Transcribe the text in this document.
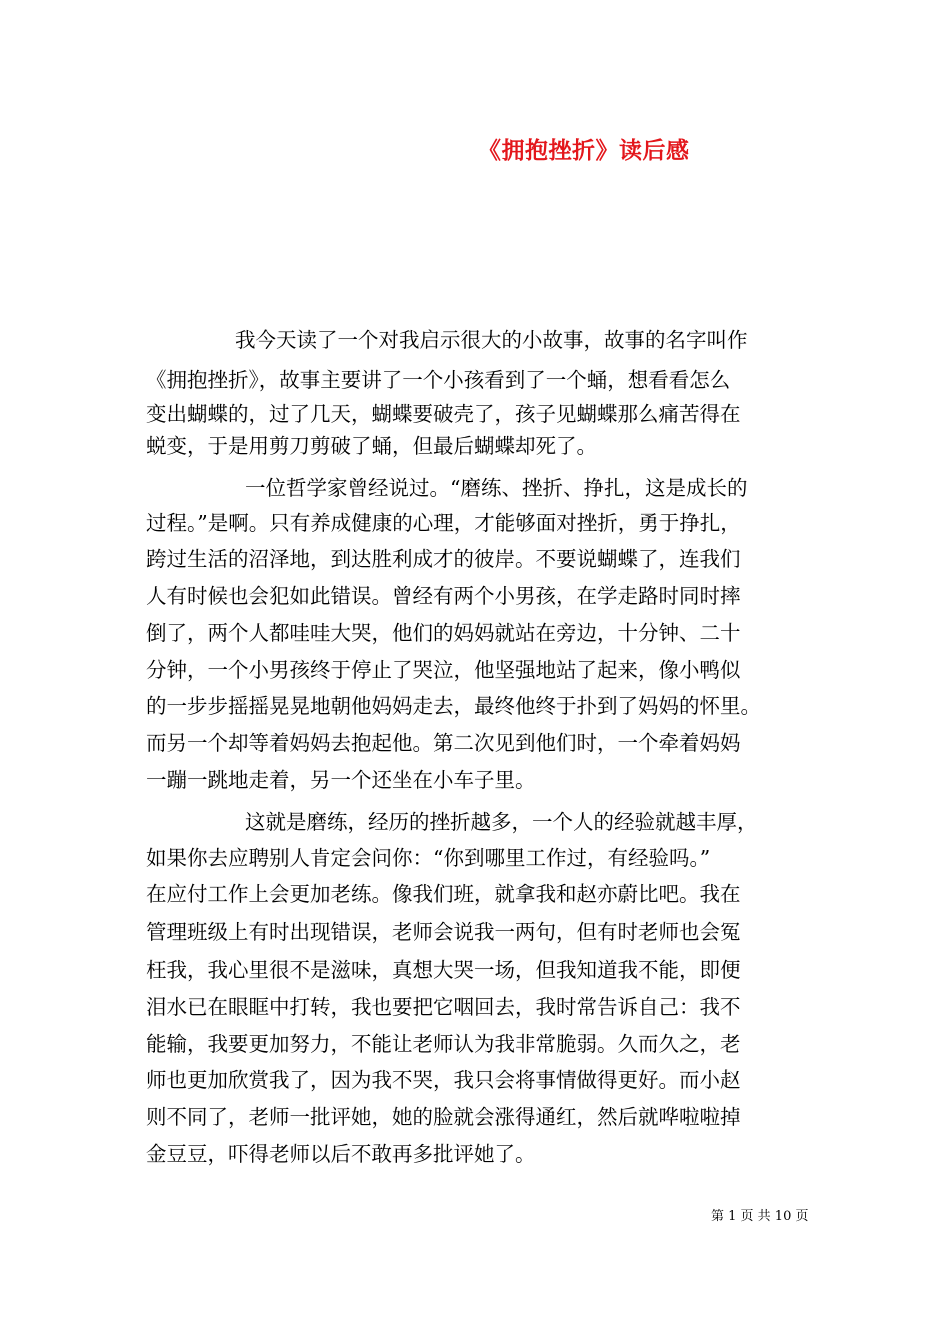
《拥抱挫折》读后感
我今天读了一个对我启示很大的小故事，故事的名字叫作
《拥抱挫折》，故事主要讲了一个小孩看到了一个蛹，想看看怎么
变出蝴蝶的，过了几天，蝴蝶要破壳了，孩子见蝴蝶那么痛苦得在
蜕变，于是用剪刀剪破了蛹，但最后蝴蝶却死了。
一位哲学家曾经说过。“磨练、挫折、挣扎，这是成长的
过程。”是啊。只有养成健康的心理，才能够面对挫折，勇于挣扎，
跨过生活的沼泽地，到达胜利成才的彼岸。不要说蝴蝶了，连我们
人有时候也会犯如此错误。曾经有两个小男孩，在学走路时同时摔
倒了，两个人都哇哇大哭，他们的妈妈就站在旁边，十分钟、二十
分钟，一个小男孩终于停止了哭泣，他坚强地站了起来，像小鸭似
的一步步摇摇晃晃地朝他妈妈走去，最终他终于扑到了妈妈的怀里。
而另一个却等着妈妈去抱起他。第二次见到他们时，一个牵着妈妈
一蹦一跳地走着，另一个还坐在小车子里。
这就是磨练，经历的挫折越多，一个人的经验就越丰厚，
如果你去应聘别人肯定会问你：“你到哪里工作过，有经验吗。”
在应付工作上会更加老练。像我们班，就拿我和赵亦蔚比吧。我在
管理班级上有时出现错误，老师会说我一两句，但有时老师也会冤
枉我，我心里很不是滋味，真想大哭一场，但我知道我不能，即便
泪水已在眼眶中打转，我也要把它咽回去，我时常告诉自己：我不
能输，我要更加努力，不能让老师认为我非常脆弱。久而久之，老
师也更加欣赏我了，因为我不哭，我只会将事情做得更好。而小赵
则不同了，老师一批评她，她的脸就会涨得通红，然后就哗啦啦掉
金豆豆，吓得老师以后不敢再多批评她了。
第 1 页 共 10 页
